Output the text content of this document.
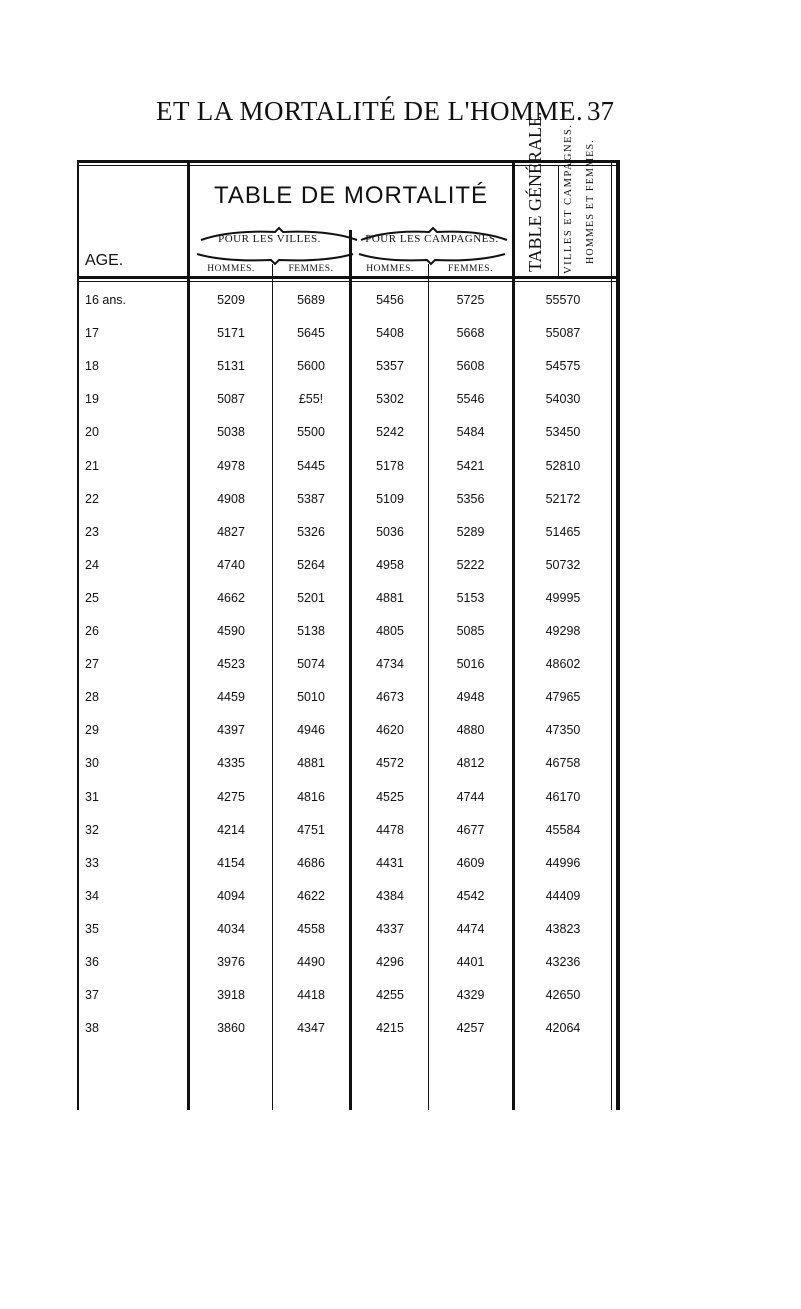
ET LA MORTALITÉ DE L'HOMME. 37
AGE.
TABLE DE MORTALITÉ
POUR LES VILLES.	POUR LES CAMPAGNES.
HOMMES.	FEMMES.	HOMMES.	FEMMES.	TABLE GÉNÉRALE. VILLES ET CAMPAGNES. HOMMES ET FEMMES.
16 ans.	5209	5689	5456	5725	55570
17	5171	5645	5408	5668	55087
18	5131	5600	5357	5608	54575
19	5087	£55!	5302	5546	54030
20	5038	5500	5242	5484	53450
21	4978	5445	5178	5421	52810
22	4908	5387	5109	5356	52172
23	4827	5326	5036	5289	51465
24	4740	5264	4958	5222	50732
25	4662	5201	4881	5153	49995
26	4590	5138	4805	5085	49298
27	4523	5074	4734	5016	48602
28	4459	5010	4673	4948	47965
29	4397	4946	4620	4880	47350
30	4335	4881	4572	4812	46758
31	4275	4816	4525	4744	46170
32	4214	4751	4478	4677	45584
33	4154	4686	4431	4609	44996
34	4094	4622	4384	4542	44409
35	4034	4558	4337	4474	43823
36	3976	4490	4296	4401	43236
37	3918	4418	4255	4329	42650
38	3860	4347	4215	4257	42064
